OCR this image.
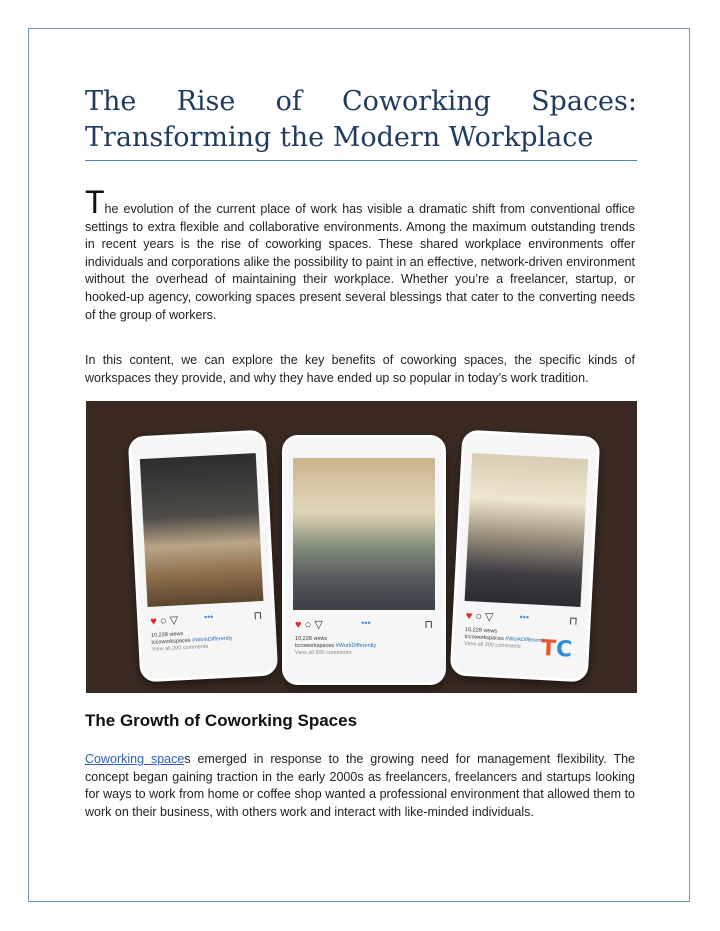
The Rise of Coworking Spaces:
Transforming the Modern Workplace

The evolution of the current place of work has visible a dramatic shift from conventional office settings to extra flexible and collaborative environments. Among the maximum outstanding trends in recent years is the rise of coworking spaces. These shared workplace environments offer individuals and corporations alike the possibility to paint in an effective, network-driven environment without the overhead of maintaining their workplace. Whether you’re a freelancer, startup, or hooked-up agency, coworking spaces present several blessings that cater to the converting needs of the group of workers.

In this content, we can explore the key benefits of coworking spaces, the specific kinds of workspaces they provide, and why they have ended up so popular in today’s work tradition.

♥ ○ ▽	•••	⊓
10,228 views
tccoworkspaces #WorkDifferently
View all 200 comments
♥ ○ ▽	•••	⊓
10,228 views
tccoworkspaces #WorkDifferently
View all 200 comments
♥ ○ ▽	•••	⊓
10,228 views
tccoworkspaces #WorkDifferently
View all 200 comments TC
The Growth of Coworking Spaces

Coworking spaces emerged in response to the growing need for management flexibility. The concept began gaining traction in the early 2000s as freelancers, freelancers and startups looking for ways to work from home or coffee shop wanted a professional environment that allowed them to work on their business, with others work and interact with like-minded individuals.
